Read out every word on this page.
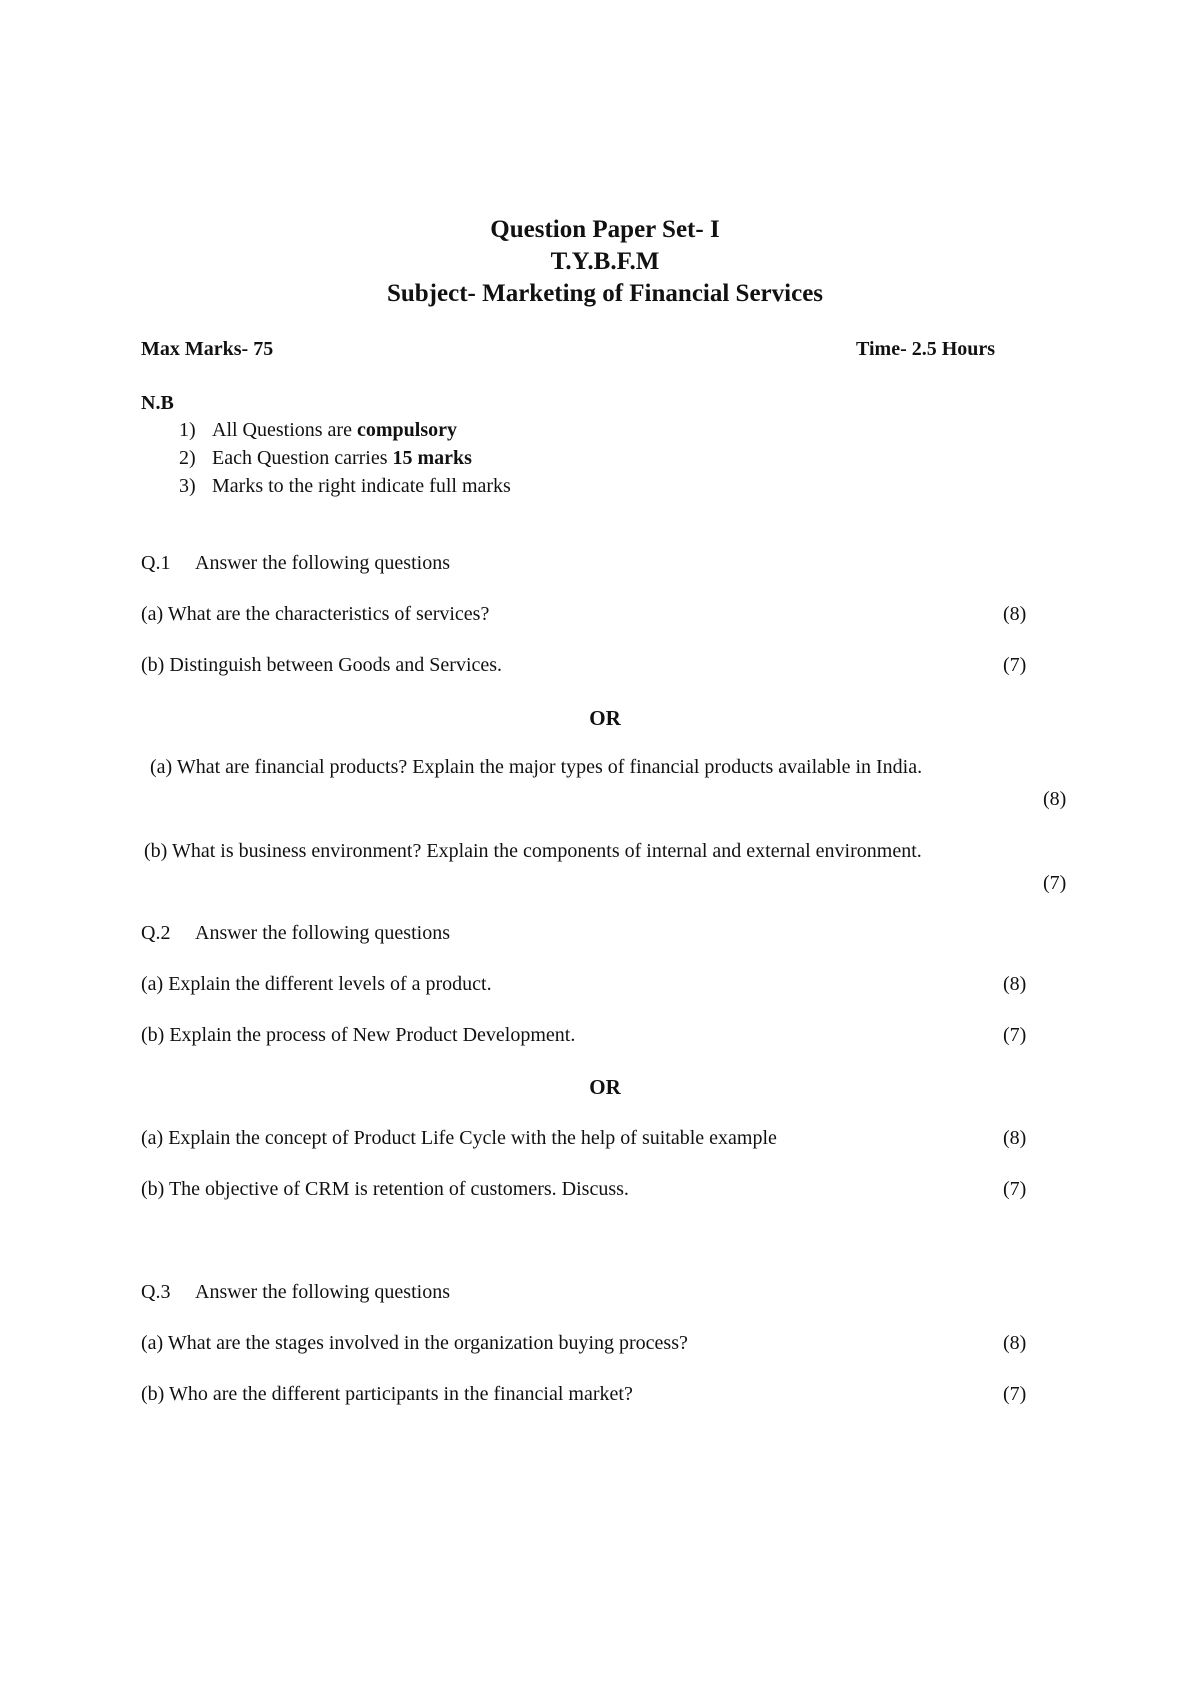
Question Paper Set- I
T.Y.B.F.M
Subject- Marketing of Financial Services
Max Marks- 75	Time- 2.5 Hours
N.B
1) All Questions are compulsory
2) Each Question carries 15 marks
3) Marks to the right indicate full marks
Q.1 Answer the following questions
(a) What are the characteristics of services?	(8)
(b) Distinguish between Goods and Services.	(7)
OR
(a) What are financial products? Explain the major types of financial products available in India.
(8)
(b) What is business environment? Explain the components of internal and external environment.
(7)
Q.2 Answer the following questions
(a) Explain the different levels of a product.	(8)
(b) Explain the process of New Product Development.	(7)
OR
(a) Explain the concept of Product Life Cycle with the help of suitable example	(8)
(b) The objective of CRM is retention of customers. Discuss.	(7)
Q.3 Answer the following questions
(a) What are the stages involved in the organization buying process?	(8)
(b) Who are the different participants in the financial market?	(7)
